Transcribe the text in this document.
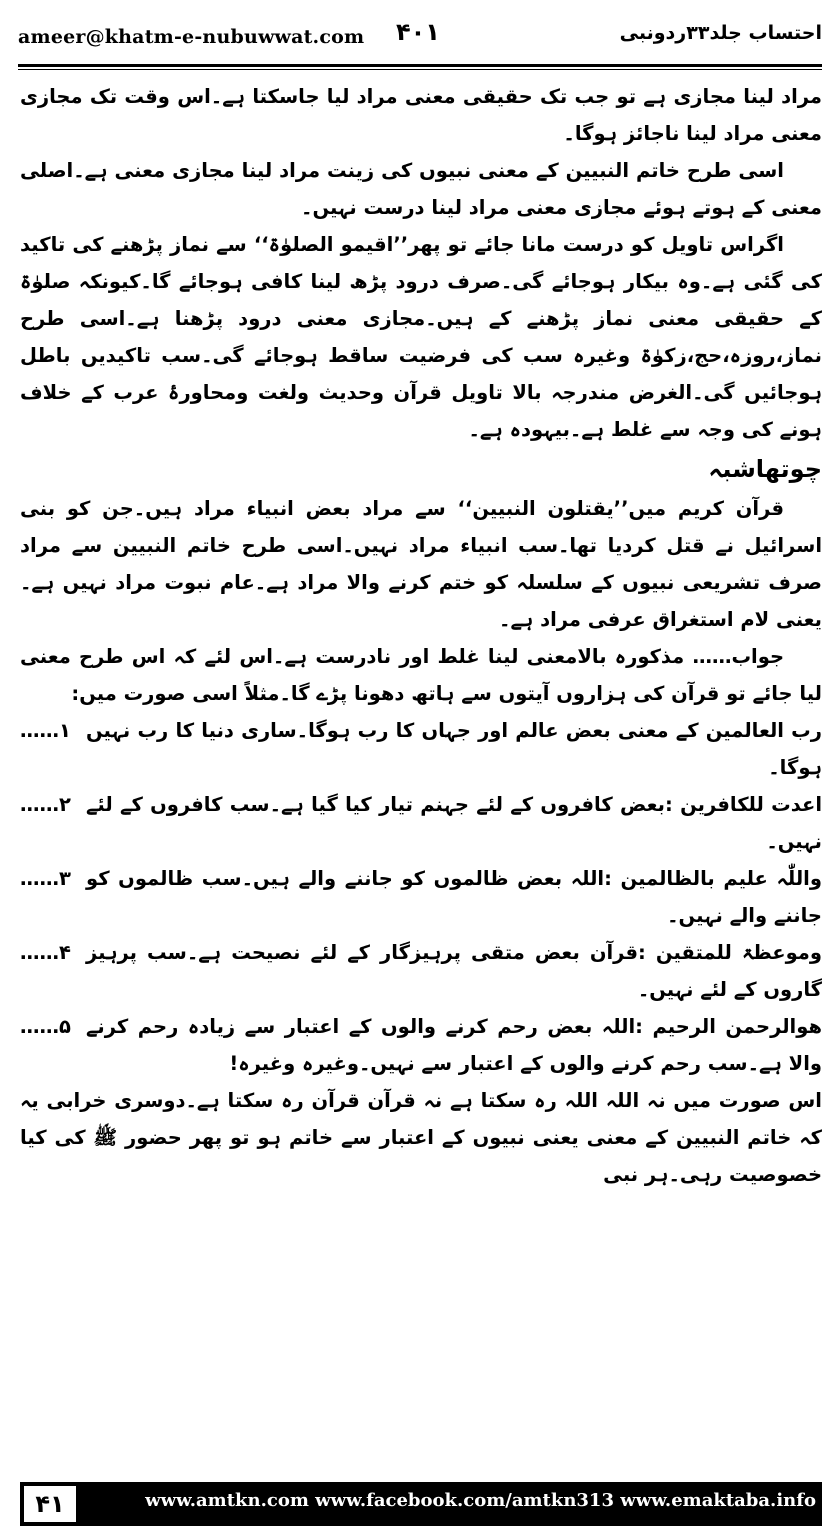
ameer@khatm-e-nubuwwat.com ۴۰۱	احتساب جلد۳۳ردونبی

مراد لینا مجازی ہے تو جب تک حقیقی معنی مراد لیا جاسکتا ہے۔اس وقت تک مجازی معنی مراد لینا ناجائز ہوگا۔

اسی طرح خاتم النبیین کے معنی نبیوں کی زینت مراد لینا مجازی معنی ہے۔اصلی معنی کے ہوتے ہوئے مجازی معنی مراد لینا درست نہیں۔

اگراس تاویل کو درست مانا جائے تو پھر’’اقیمو الصلوٰۃ‘‘ سے نماز پڑھنے کی تاکید کی گئی ہے۔وہ بیکار ہوجائے گی۔صرف درود پڑھ لینا کافی ہوجائے گا۔کیونکہ صلوٰۃ کے حقیقی معنی نماز پڑھنے کے ہیں۔مجازی معنی درود پڑھنا ہے۔اسی طرح نماز،روزہ،حج،زکوٰۃ وغیرہ سب کی فرضیت ساقط ہوجائے گی۔سب تاکیدیں باطل ہوجائیں گی۔الغرض مندرجہ بالا تاویل قرآن وحدیث ولغت ومحاورۂ عرب کے خلاف ہونے کی وجہ سے غلط ہے۔بیہودہ ہے۔

چوتھاشبہ

قرآن کریم میں’’یقتلون النبیین‘‘ سے مراد بعض انبیاء مراد ہیں۔جن کو بنی اسرائیل نے قتل کردیا تھا۔سب انبیاء مراد نہیں۔اسی طرح خاتم النبیین سے مراد صرف تشریعی نبیوں کے سلسلہ کو ختم کرنے والا مراد ہے۔عام نبوت مراد نہیں ہے۔یعنی لام استغراق عرفی مراد ہے۔

جواب…… مذکورہ بالامعنی لینا غلط اور نادرست ہے۔اس لئے کہ اس طرح معنی لیا جائے تو قرآن کی ہزاروں آیتوں سے ہاتھ دھونا پڑے گا۔مثلاً اسی صورت میں:

رب العالمین کے معنی بعض عالم اور جہاں کا رب ہوگا۔ساری دنیا کا رب نہیں ہوگا۔
۱……
اعدت للکافرین :بعض کافروں کے لئے جہنم تیار کیا گیا ہے۔سب کافروں کے لئے نہیں۔
۲……
واللّٰہ علیم بالظالمین :اللہ بعض ظالموں کو جاننے والے ہیں۔سب ظالموں کو جاننے والے نہیں۔
۳……
وموعظۃ للمتقین :قرآن بعض متقی پرہیزگار کے لئے نصیحت ہے۔سب پرہیز گاروں کے لئے نہیں۔
۴……
ھوالرحمن الرحیم :اللہ بعض رحم کرنے والوں کے اعتبار سے زیادہ رحم کرنے والا ہے۔سب رحم کرنے والوں کے اعتبار سے نہیں۔وغیرہ وغیرہ!
۵……

اس صورت میں نہ اللہ اللہ رہ سکتا ہے نہ قرآن قرآن رہ سکتا ہے۔دوسری خرابی یہ کہ خاتم النبیین کے معنی یعنی نبیوں کے اعتبار سے خاتم ہو تو پھر حضور ﷺ کی کیا خصوصیت رہی۔ہر نبی

۴۱	www.amtkn.com www.facebook.com/amtkn313 www.emaktaba.info
